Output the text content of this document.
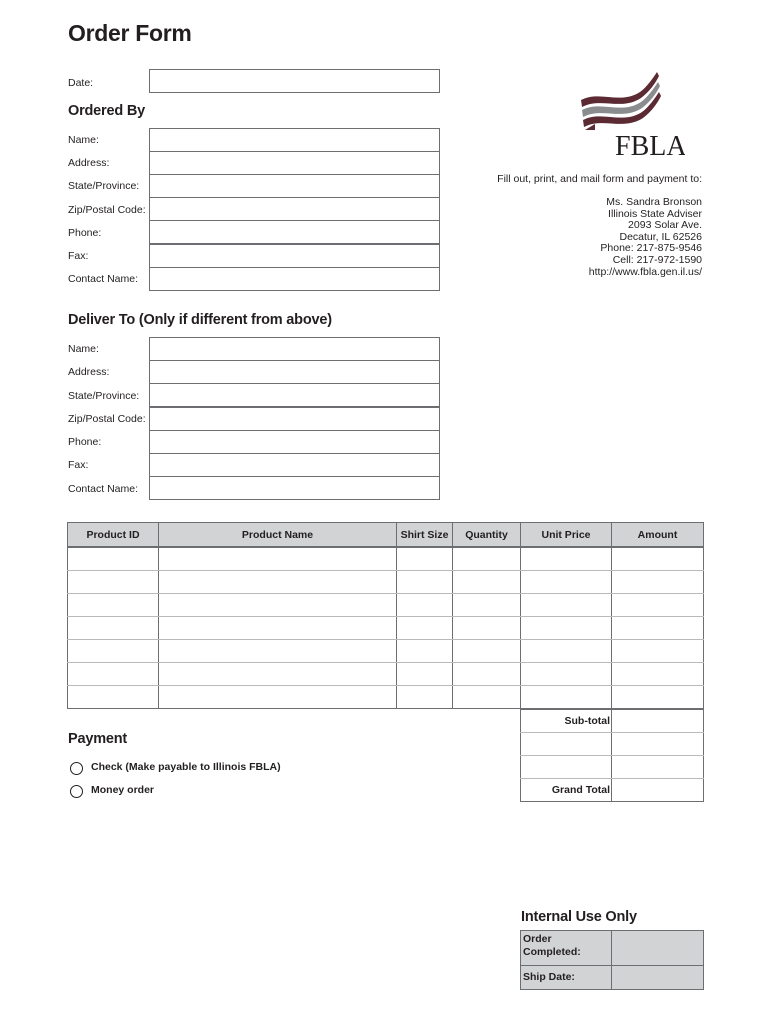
Order Form
Date:
Ordered By
Name:
Address:
State/Province:
Zip/Postal Code:
Phone:
Fax:
Contact Name:
FBLA
Fill out, print, and mail form and payment to:
Ms. Sandra Bronson
Illinois State Adviser
2093 Solar Ave.
Decatur, IL 62526
Phone: 217-875-9546
Cell: 217-972-1590
http://www.fbla.gen.il.us/
Deliver To (Only if different from above)
Name:
Address:
State/Province:
Zip/Postal Code:
Phone:
Fax:
Contact Name:
Product ID	Product Name	Shirt Size	Quantity	Unit Price	Amount

Sub-total	

Grand Total	
Payment
Check (Make payable to Illinois FBLA)
Money order
Internal Use Only
Order Completed:	
Ship Date:	
